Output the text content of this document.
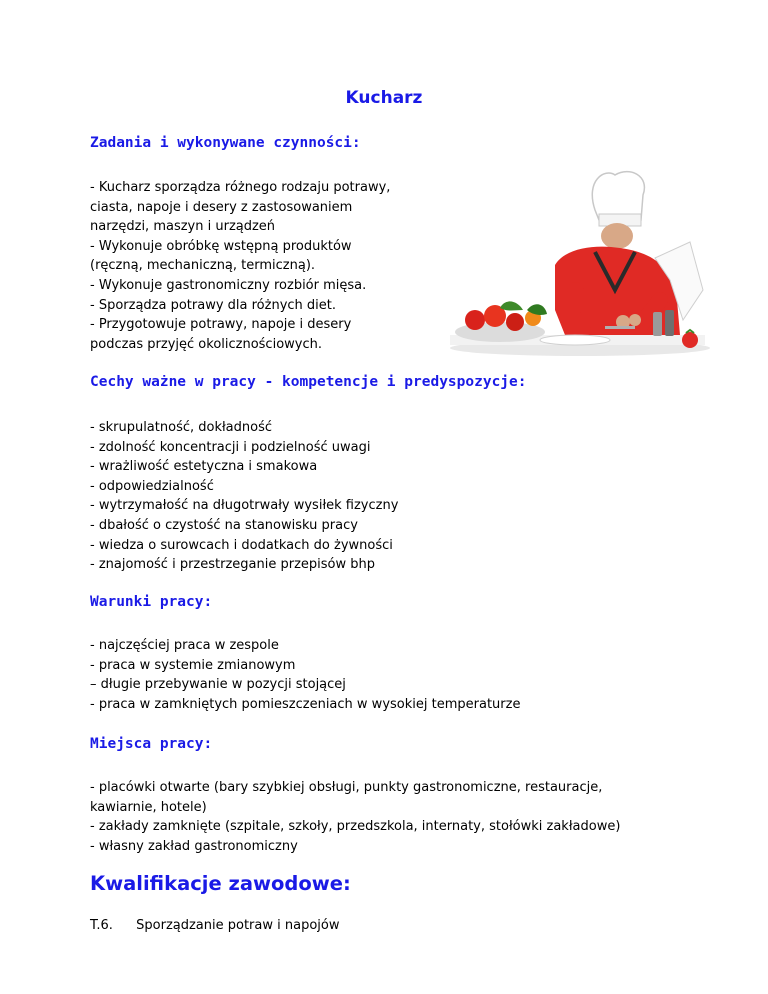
Kucharz
Zadania i wykonywane czynności:
- Kucharz sporządza różnego rodzaju potrawy,
ciasta, napoje i desery z zastosowaniem
narzędzi, maszyn i urządzeń
- Wykonuje obróbkę wstępną produktów
(ręczną, mechaniczną, termiczną).
- Wykonuje gastronomiczny rozbiór mięsa.
- Sporządza potrawy dla różnych diet.
- Przygotowuje potrawy, napoje i desery
podczas przyjęć okolicznościowych.
Cechy ważne w pracy - kompetencje i predyspozycje:
- skrupulatność, dokładność
- zdolność koncentracji i podzielność uwagi
- wrażliwość estetyczna i smakowa
- odpowiedzialność
- wytrzymałość na długotrwały wysiłek fizyczny
- dbałość o czystość na stanowisku pracy
- wiedza o surowcach i dodatkach do żywności
- znajomość i przestrzeganie przepisów bhp
Warunki pracy:
- najczęściej praca w zespole
- praca w systemie zmianowym
– długie przebywanie w pozycji stojącej
- praca w zamkniętych pomieszczeniach w wysokiej temperaturze
Miejsca pracy:
- placówki otwarte (bary szybkiej obsługi, punkty gastronomiczne, restauracje,
kawiarnie, hotele)
- zakłady zamknięte (szpitale, szkoły, przedszkola, internaty, stołówki zakładowe)
- własny zakład gastronomiczny
Kwalifikacje zawodowe:
T.6. Sporządzanie potraw i napojów
